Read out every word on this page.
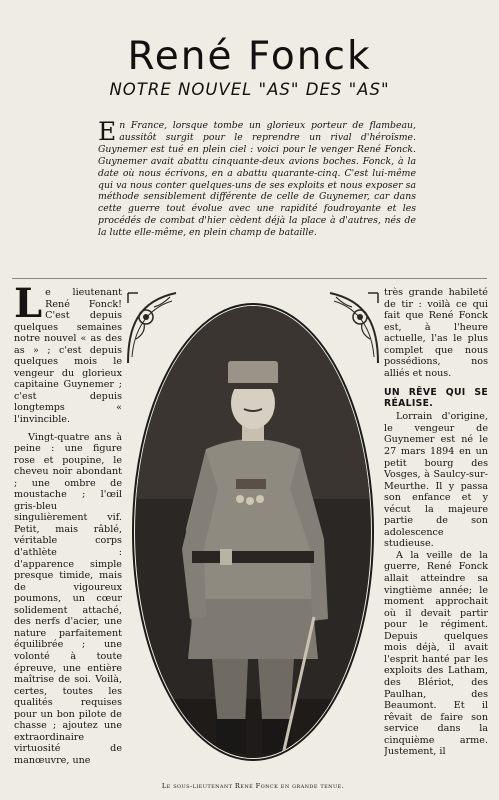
René Fonck
NOTRE NOUVEL "AS" DES "AS"
En France, lorsque tombe un glorieux porteur de flambeau, aussitôt surgit pour le reprendre un rival d'héroïsme. Guynemer est tué en plein ciel : voici pour le venger René Fonck. Guynemer avait abattu cinquante-deux avions boches. Fonck, à la date où nous écrivons, en a abattu quarante-cinq. C'est lui-même qui va nous conter quelques-uns de ses exploits et nous exposer sa méthode sensiblement différente de celle de Guynemer, car dans cette guerre tout évolue avec une rapidité foudroyante et les procédés de combat d'hier cèdent déjà la place à d'autres, nés de la lutte elle-même, en plein champ de bataille.

Le lieutenant René Fonck! C'est depuis quelques semaines notre nouvel « as des as » ; c'est depuis quelques mois le vengeur du glorieux capitaine Guynemer ; c'est depuis longtemps « l'invincible.

Vingt-quatre ans à peine : une figure rose et poupine, le cheveu noir abondant ; une ombre de moustache ; l'œil gris-bleu singulièrement vif. Petit, mais râblé, véritable corps d'athlète : d'apparence simple presque timide, mais de vigoureux poumons, un cœur solidement attaché, des nerfs d'acier, une nature parfaitement équilibrée ; une volonté à toute épreuve, une entière maîtrise de soi. Voilà, certes, toutes les qualités requises pour un bon pilote de chasse ; ajoutez une extraordinaire virtuosité de manœuvre, une

Le sous-lieutenant René Fonck en grande tenue.

très grande habileté de tir : voilà ce qui fait que René Fonck est, à l'heure actuelle, l'as le plus complet que nous possédions, nos alliés et nous.

UN RÊVE QUI SE RÉALISE.

Lorrain d'origine, le vengeur de Guynemer est né le 27 mars 1894 en un petit bourg des Vosges, à Saulcy-sur-Meurthe. Il y passa son enfance et y vécut la majeure partie de son adolescence studieuse.

A la veille de la guerre, René Fonck allait atteindre sa vingtième année; le moment approchait où il devait partir pour le régiment. Depuis quelques mois déjà, il avait l'esprit hanté par les exploits des Latham, des Blériot, des Paulhan, des Beaumont. Et il rêvait de faire son service dans la cinquième arme. Justement, il
